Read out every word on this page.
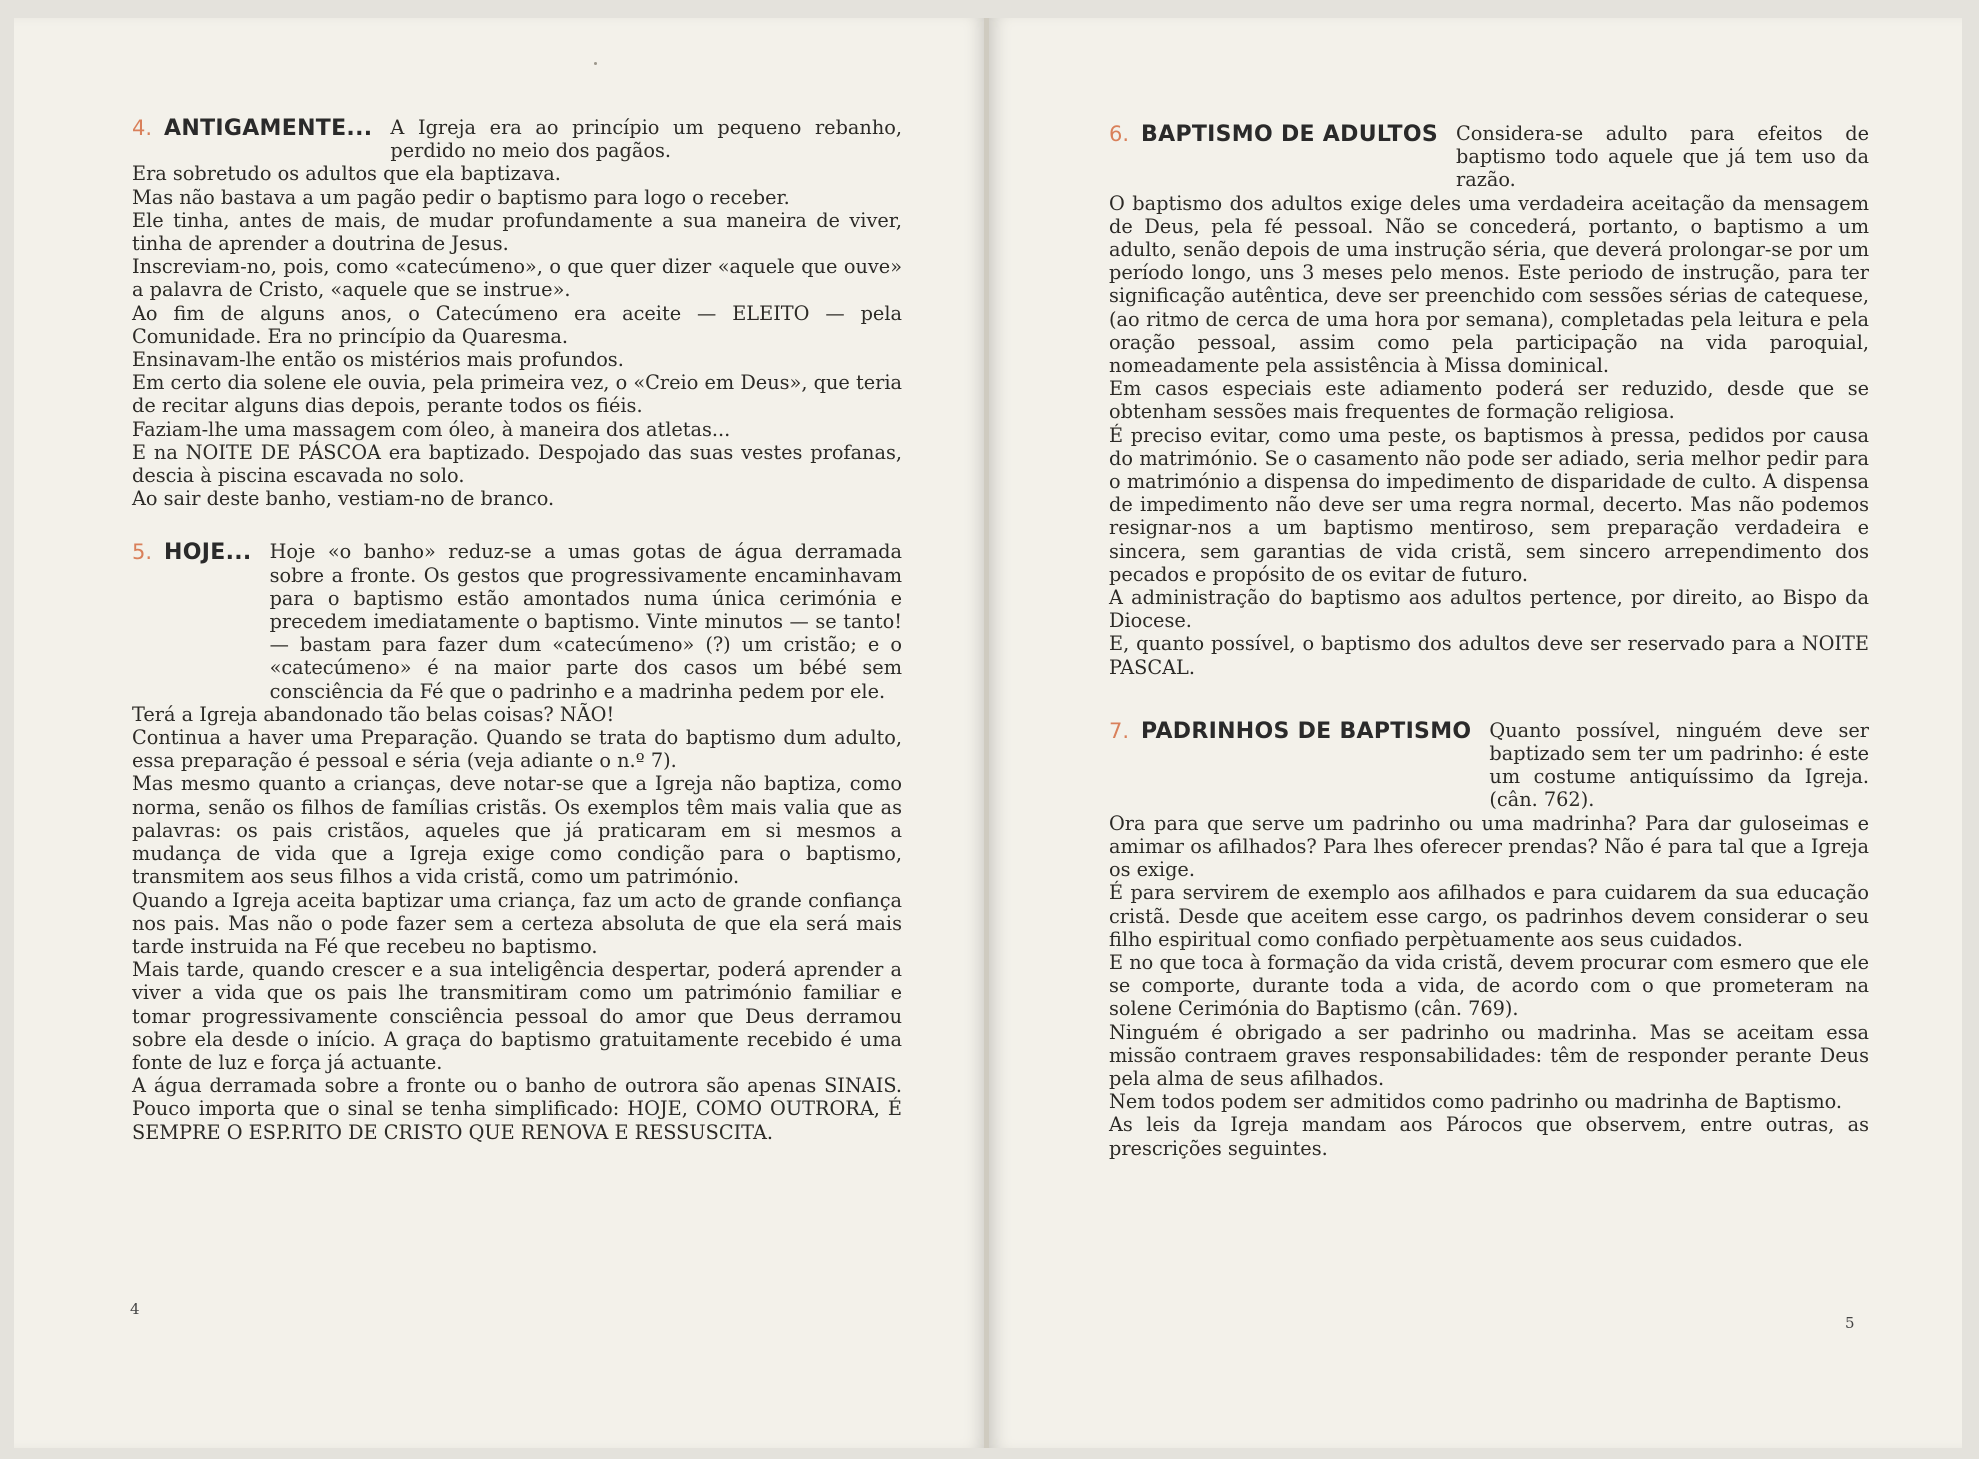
4. ANTIGAMENTE... A Igreja era ao princípio um pequeno rebanho, perdido no meio dos pagãos.

Era sobretudo os adultos que ela baptizava.

Mas não bastava a um pagão pedir o baptismo para logo o receber.

Ele tinha, antes de mais, de mudar profundamente a sua maneira de viver, tinha de aprender a doutrina de Jesus.

Inscreviam-no, pois, como «catecúmeno», o que quer dizer «aquele que ouve» a palavra de Cristo, «aquele que se instrue».

Ao fim de alguns anos, o Catecúmeno era aceite — ELEITO — pela Comunidade. Era no princípio da Quaresma.

Ensinavam-lhe então os mistérios mais profundos.

Em certo dia solene ele ouvia, pela primeira vez, o «Creio em Deus», que teria de recitar alguns dias depois, perante todos os fiéis.

Faziam-lhe uma massagem com óleo, à maneira dos atletas...

E na NOITE DE PÁSCOA era baptizado. Despojado das suas vestes profanas, descia à piscina escavada no solo.

Ao sair deste banho, vestiam-no de branco.

5. HOJE... Hoje «o banho» reduz-se a umas gotas de água derramada sobre a fronte. Os gestos que progressivamente encaminhavam para o baptismo estão amontados numa única cerimónia e precedem imediatamente o baptismo. Vinte minutos — se tanto! — bastam para fazer dum «catecúmeno» (?) um cristão; e o «catecúmeno» é na maior parte dos casos um bébé sem consciência da Fé que o padrinho e a madrinha pedem por ele.

Terá a Igreja abandonado tão belas coisas? NÃO!

Continua a haver uma Preparação. Quando se trata do baptismo dum adulto, essa preparação é pessoal e séria (veja adiante o n.º 7).

Mas mesmo quanto a crianças, deve notar-se que a Igreja não baptiza, como norma, senão os filhos de famílias cristãs. Os exemplos têm mais valia que as palavras: os pais cristãos, aqueles que já praticaram em si mesmos a mudança de vida que a Igreja exige como condição para o baptismo, transmitem aos seus filhos a vida cristã, como um património.

Quando a Igreja aceita baptizar uma criança, faz um acto de grande confiança nos pais. Mas não o pode fazer sem a certeza absoluta de que ela será mais tarde instruida na Fé que recebeu no baptismo.

Mais tarde, quando crescer e a sua inteligência despertar, poderá aprender a viver a vida que os pais lhe transmitiram como um património familiar e tomar progressivamente consciência pessoal do amor que Deus derramou sobre ela desde o início. A graça do baptismo gratuitamente recebido é uma fonte de luz e força já actuante.

A água derramada sobre a fronte ou o banho de outrora são apenas SINAIS. Pouco importa que o sinal se tenha simplificado: HOJE, COMO OUTRORA, É SEMPRE O ESP.RITO DE CRISTO QUE RENOVA E RESSUSCITA.

4
6. BAPTISMO DE ADULTOS Considera-se adulto para efeitos de baptismo todo aquele que já tem uso da razão.

O baptismo dos adultos exige deles uma verdadeira aceitação da mensagem de Deus, pela fé pessoal. Não se concederá, portanto, o baptismo a um adulto, senão depois de uma instrução séria, que deverá prolongar-se por um período longo, uns 3 meses pelo menos. Este periodo de instrução, para ter significação autêntica, deve ser preenchido com sessões sérias de catequese, (ao ritmo de cerca de uma hora por semana), completadas pela leitura e pela oração pessoal, assim como pela participação na vida paroquial, nomeadamente pela assistência à Missa dominical.

Em casos especiais este adiamento poderá ser reduzido, desde que se obtenham sessões mais frequentes de formação religiosa.

É preciso evitar, como uma peste, os baptismos à pressa, pedidos por causa do matrimónio. Se o casamento não pode ser adiado, seria melhor pedir para o matrimónio a dispensa do impedimento de disparidade de culto. A dispensa de impedimento não deve ser uma regra normal, decerto. Mas não podemos resignar-nos a um baptismo mentiroso, sem preparação verdadeira e sincera, sem garantias de vida cristã, sem sincero arrependimento dos pecados e propósito de os evitar de futuro.

A administração do baptismo aos adultos pertence, por direito, ao Bispo da Diocese.

E, quanto possível, o baptismo dos adultos deve ser reservado para a NOITE PASCAL.

7. PADRINHOS DE BAPTISMO Quanto possível, ninguém deve ser baptizado sem ter um padrinho: é este um costume antiquíssimo da Igreja. (cân. 762).

Ora para que serve um padrinho ou uma madrinha? Para dar guloseimas e amimar os afilhados? Para lhes oferecer prendas? Não é para tal que a Igreja os exige.

É para servirem de exemplo aos afilhados e para cuidarem da sua educação cristã. Desde que aceitem esse cargo, os padrinhos devem considerar o seu filho espiritual como confiado perpètuamente aos seus cuidados.

E no que toca à formação da vida cristã, devem procurar com esmero que ele se comporte, durante toda a vida, de acordo com o que prometeram na solene Cerimónia do Baptismo (cân. 769).

Ninguém é obrigado a ser padrinho ou madrinha. Mas se aceitam essa missão contraem graves responsabilidades: têm de responder perante Deus pela alma de seus afilhados.

Nem todos podem ser admitidos como padrinho ou madrinha de Baptismo.

As leis da Igreja mandam aos Párocos que observem, entre outras, as prescrições seguintes.

5
